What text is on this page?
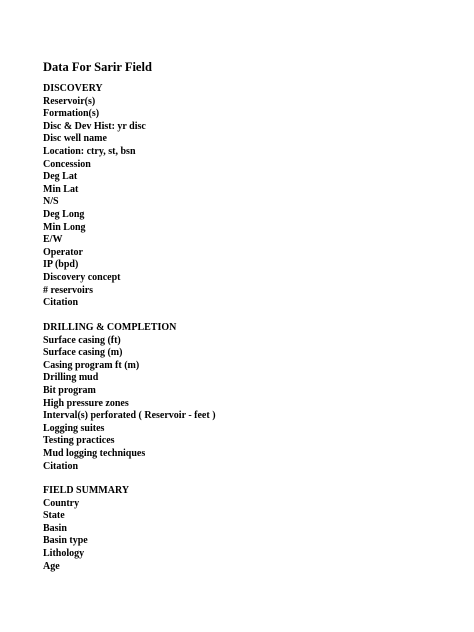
Data For Sarir Field
DISCOVERY
Reservoir(s)
Formation(s)
Disc & Dev Hist: yr disc
Disc well name
Location: ctry, st, bsn
Concession
Deg Lat
Min Lat
N/S
Deg Long
Min Long
E/W
Operator
IP (bpd)
Discovery concept
# reservoirs
Citation
DRILLING & COMPLETION
Surface casing (ft)
Surface casing (m)
Casing program ft (m)
Drilling mud
Bit program
High pressure zones
Interval(s) perforated ( Reservoir - feet )
Logging suites
Testing practices
Mud logging techniques
Citation
FIELD SUMMARY
Country
State
Basin
Basin type
Lithology
Age
